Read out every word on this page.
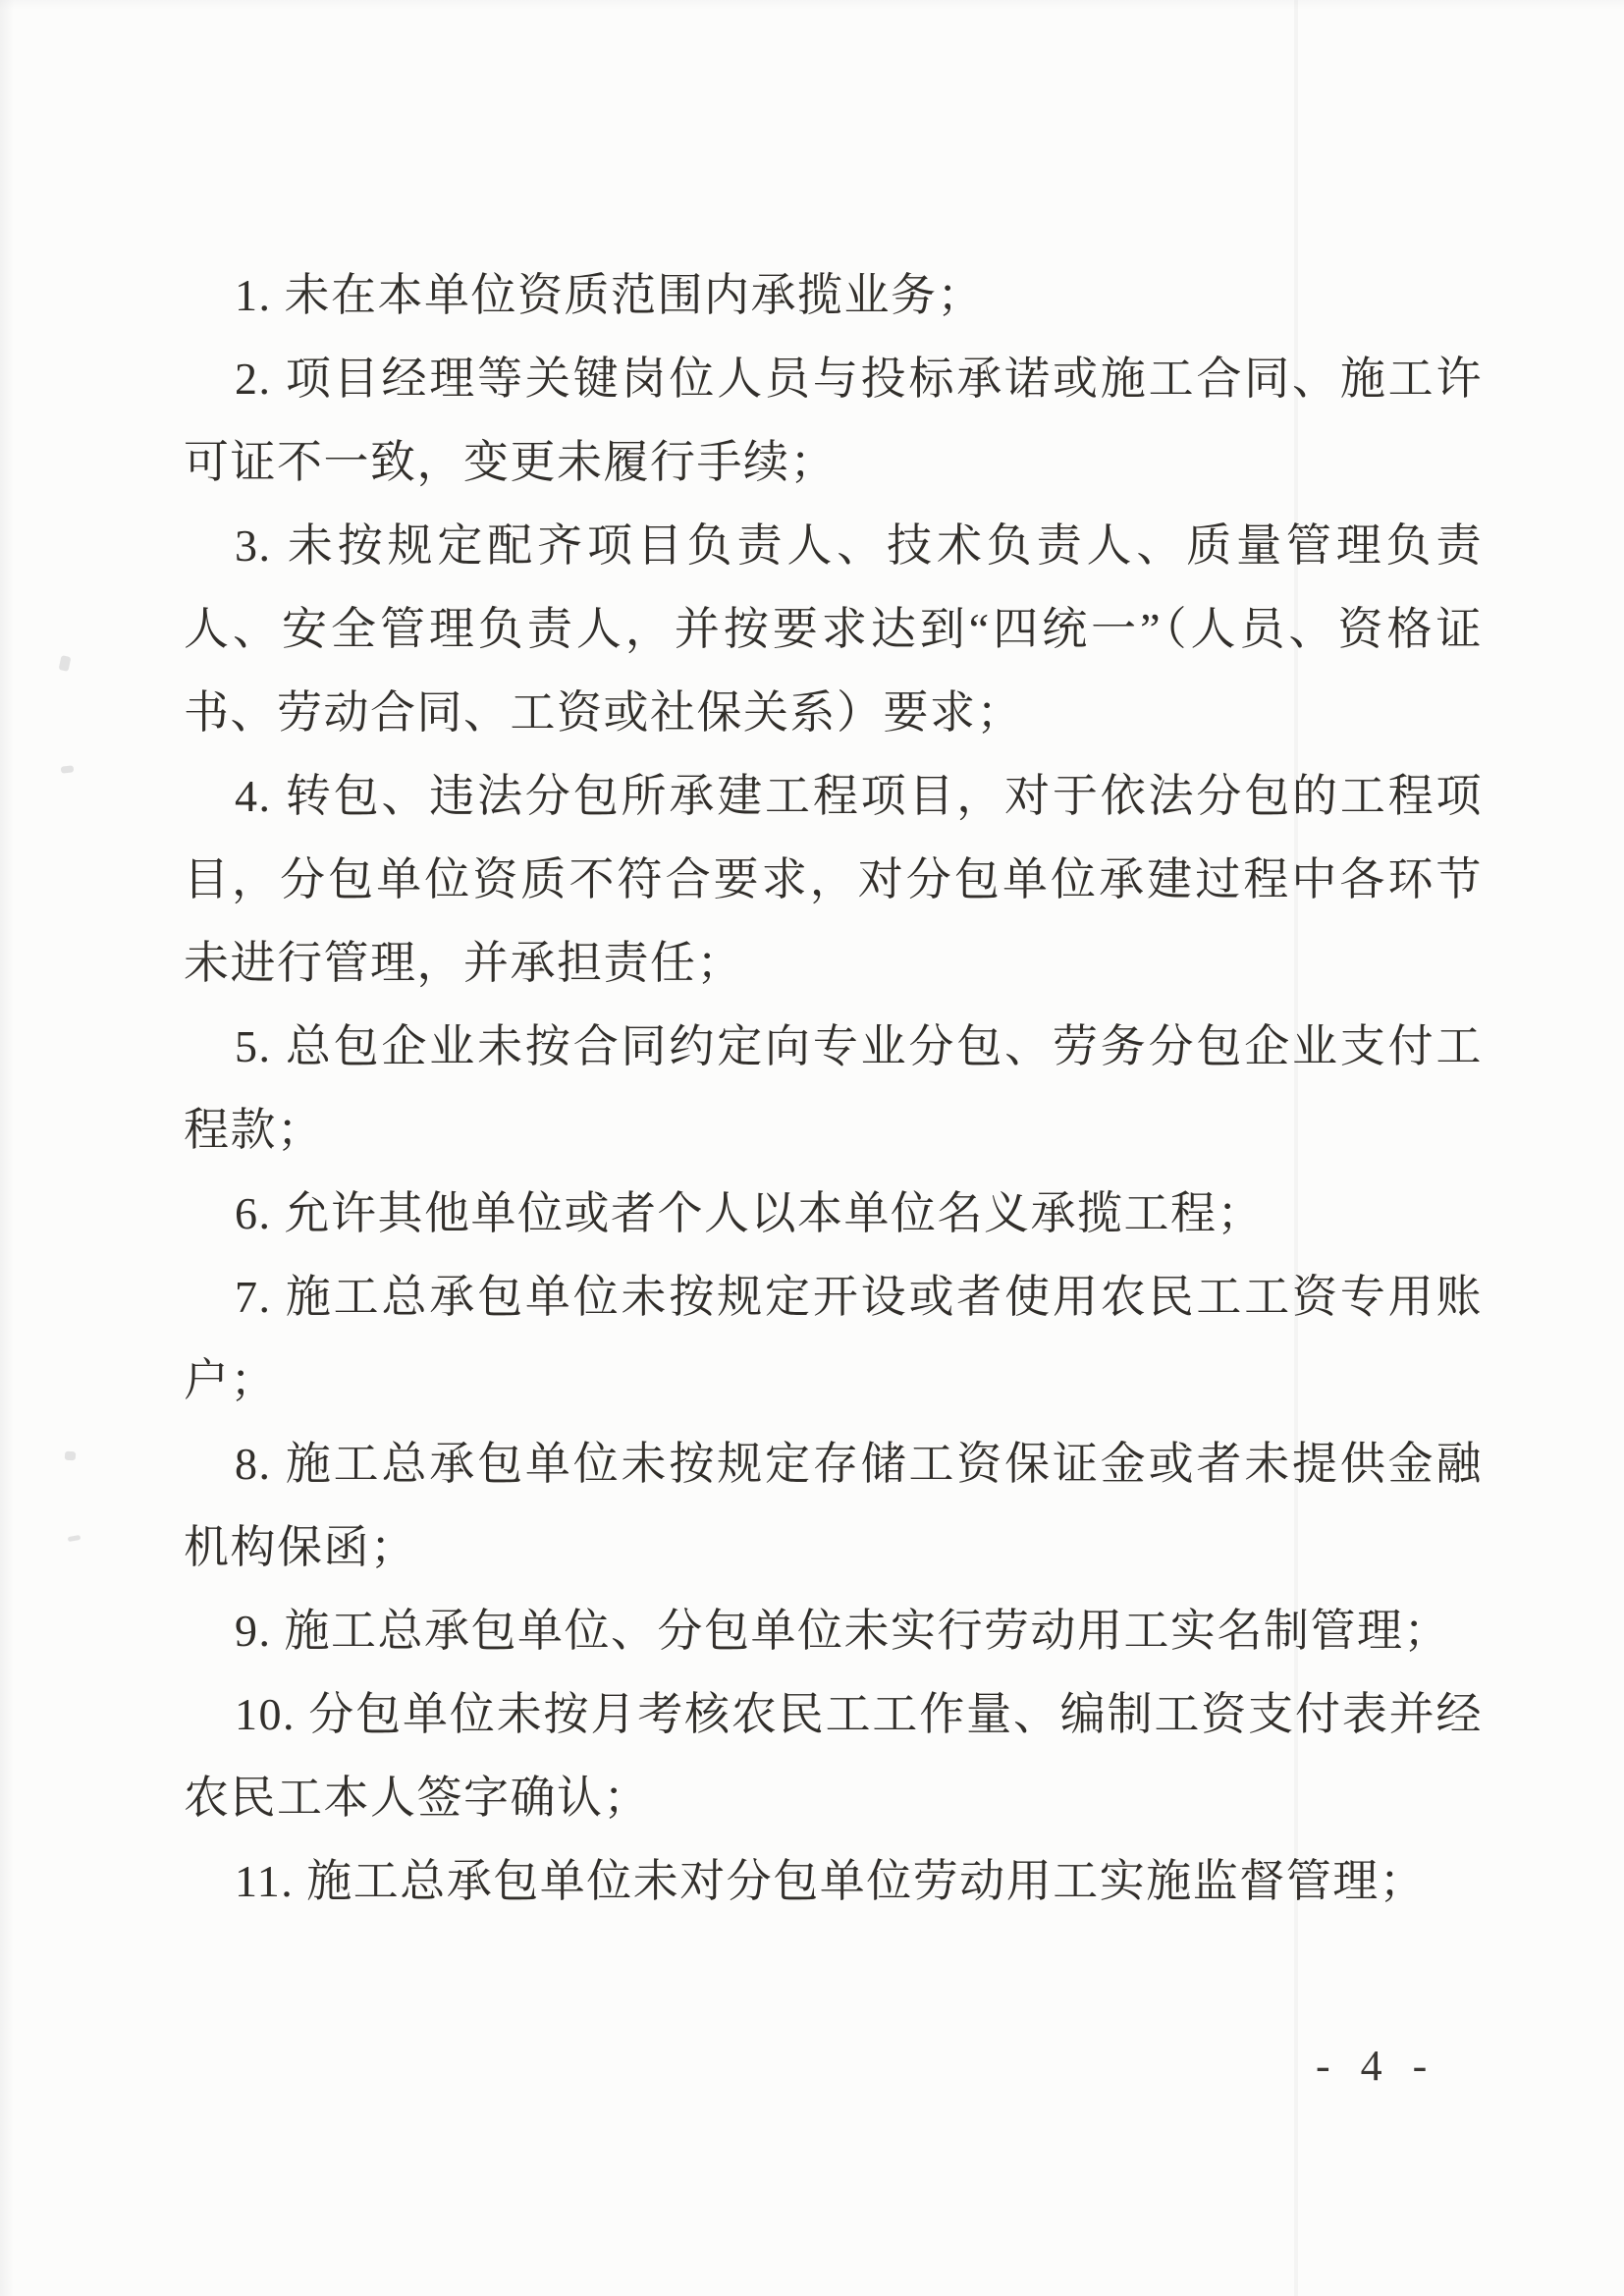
1. 未在本单位资质范围内承揽业务；

2. 项目经理等关键岗位人员与投标承诺或施工合同、施工许可证不一致，变更未履行手续；

3. 未按规定配齐项目负责人、技术负责人、质量管理负责人、安全管理负责人，并按要求达到“四统一”（人员、资格证书、劳动合同、工资或社保关系）要求；

4. 转包、违法分包所承建工程项目，对于依法分包的工程项目，分包单位资质不符合要求，对分包单位承建过程中各环节未进行管理，并承担责任；

5. 总包企业未按合同约定向专业分包、劳务分包企业支付工程款；

6. 允许其他单位或者个人以本单位名义承揽工程；

7. 施工总承包单位未按规定开设或者使用农民工工资专用账户；

8. 施工总承包单位未按规定存储工资保证金或者未提供金融机构保函；

9. 施工总承包单位、分包单位未实行劳动用工实名制管理；

10. 分包单位未按月考核农民工工作量、编制工资支付表并经农民工本人签字确认；

11. 施工总承包单位未对分包单位劳动用工实施监督管理；

- 4 -
